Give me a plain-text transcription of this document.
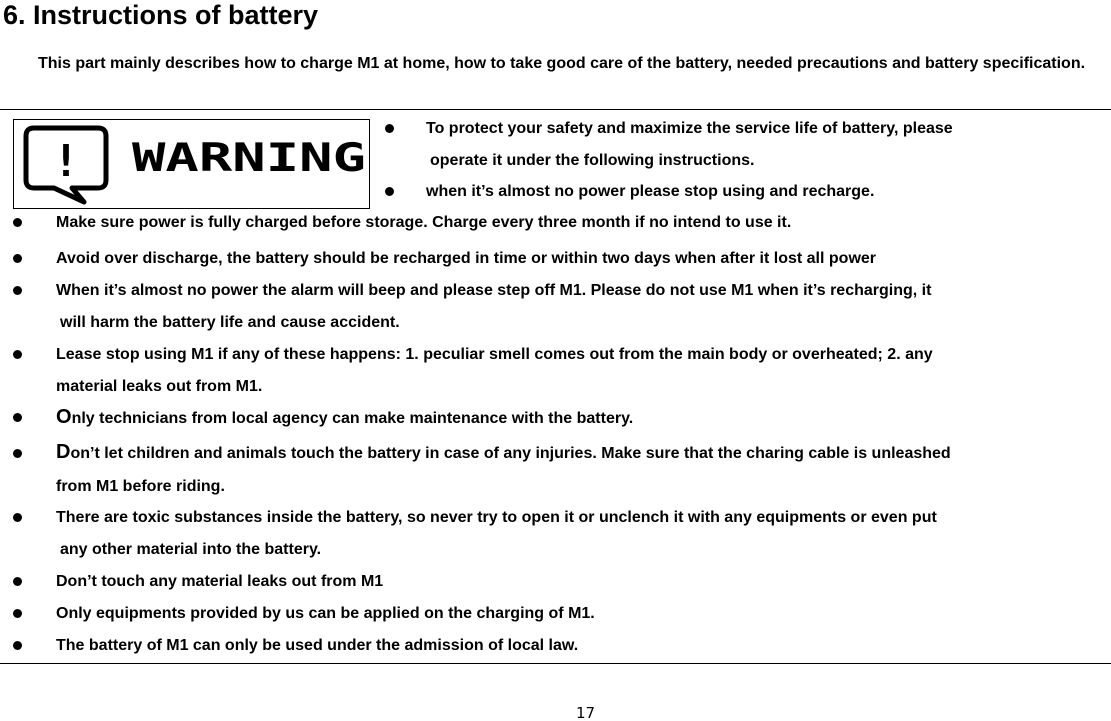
6. Instructions of battery
This part mainly describes how to charge M1 at home, how to take good care of the battery, needed precautions and battery specification.
! WARNING
To protect your safety and maximize the service life of battery, please
operate it under the following instructions.
when it’s almost no power please stop using and recharge.
Make sure power is fully charged before storage. Charge every three month if no intend to use it.
Avoid over discharge, the battery should be recharged in time or within two days when after it lost all power
When it’s almost no power the alarm will beep and please step off M1. Please do not use M1 when it’s recharging, it
will harm the battery life and cause accident.
Lease stop using M1 if any of these happens: 1. peculiar smell comes out from the main body or overheated; 2. any
material leaks out from M1.
Only technicians from local agency can make maintenance with the battery.
Don’t let children and animals touch the battery in case of any injuries. Make sure that the charing cable is unleashed
from M1 before riding.
There are toxic substances inside the battery, so never try to open it or unclench it with any equipments or even put
any other material into the battery.
Don’t touch any material leaks out from M1
Only equipments provided by us can be applied on the charging of M1.
The battery of M1 can only be used under the admission of local law.
17
